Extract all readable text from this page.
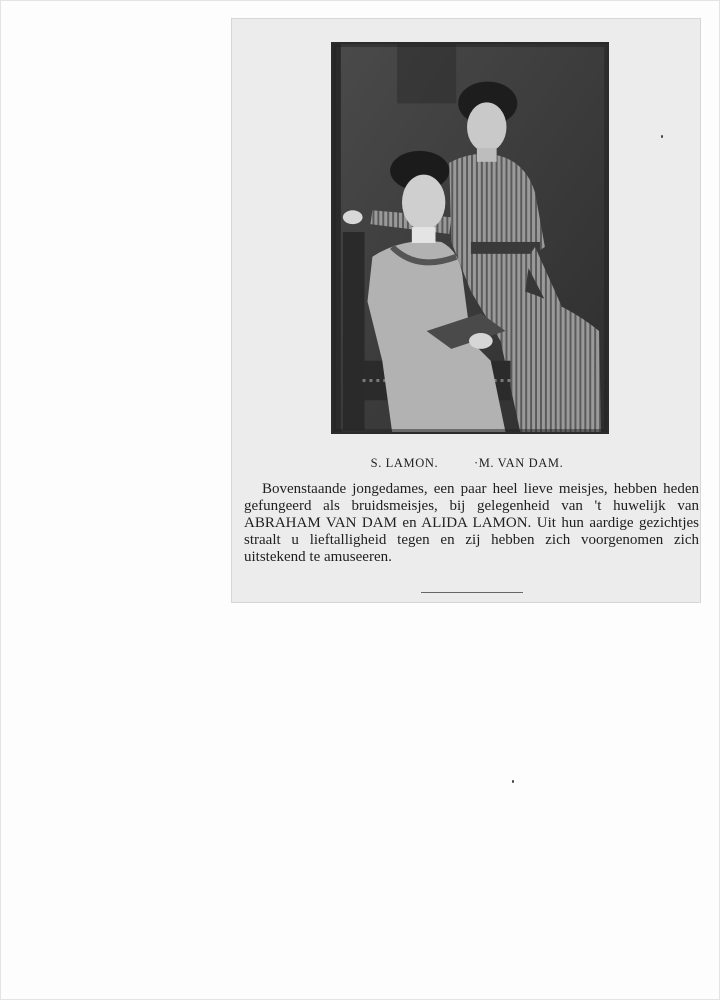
S. LAMON.	·M. VAN DAM.
Bovenstaande jongedames, een paar heel lieve meisjes, hebben heden gefungeerd als bruidsmeisjes, bij gelegenheid van 't huwelijk van ABRAHAM VAN DAM en ALIDA LAMON. Uit hun aardige gezichtjes straalt u lieftalligheid tegen en zij hebben zich voorgenomen zich uitstekend te amuseeren.
